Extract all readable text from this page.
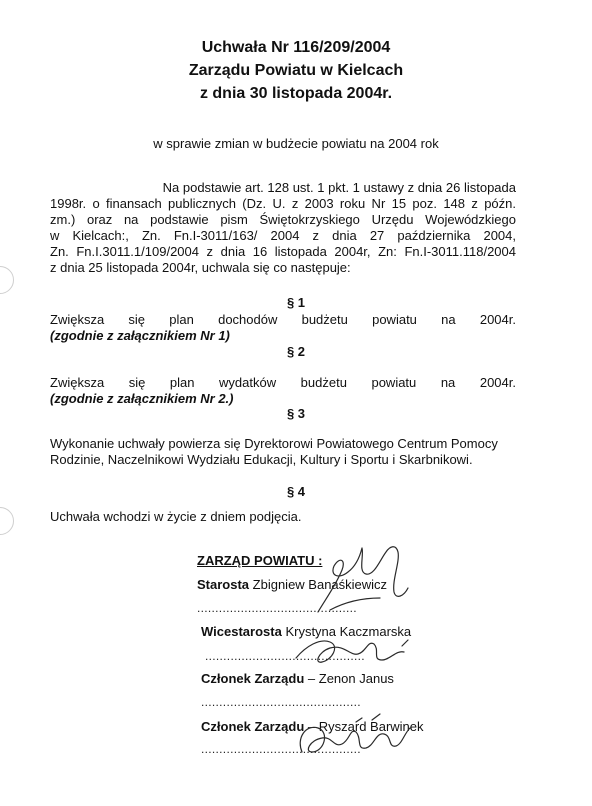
Uchwała Nr 116/209/2004
Zarządu Powiatu w Kielcach
z dnia 30 listopada 2004r.
w sprawie zmian w budżecie powiatu na 2004 rok
Na podstawie art. 128 ust. 1 pkt. 1 ustawy z dnia 26 listopada
1998r. o finansach publicznych (Dz. U. z 2003 roku Nr 15 poz. 148 z późn.
zm.) oraz na podstawie pism Świętokrzyskiego Urzędu Wojewódzkiego
w Kielcach:, Zn. Fn.I-3011/163/ 2004 z dnia 27 października 2004,
Zn. Fn.I.3011.1/109/2004 z dnia 16 listopada 2004r, Zn: Fn.I-3011.118/2004
z dnia 25 listopada 2004r, uchwala się co następuje:
§ 1
Zwiększa się plan dochodów budżetu powiatu na 2004r.
(zgodnie z załącznikiem Nr 1)
§ 2
Zwiększa się plan wydatków budżetu powiatu na 2004r.
(zgodnie z załącznikiem Nr 2.)
§ 3
Wykonanie uchwały powierza się Dyrektorowi Powiatowego Centrum Pomocy
Rodzinie, Naczelnikowi Wydziału Edukacji, Kultury i Sportu i Skarbnikowi.
§ 4
Uchwała wchodzi w życie z dniem podjęcia.
ZARZĄD POWIATU :
Starosta Zbigniew Banaśkiewicz
............................................
Wicestarosta Krystyna Kaczmarska
............................................
Członek Zarządu – Zenon Janus
............................................
Członek Zarządu – Ryszard Barwinek
............................................
